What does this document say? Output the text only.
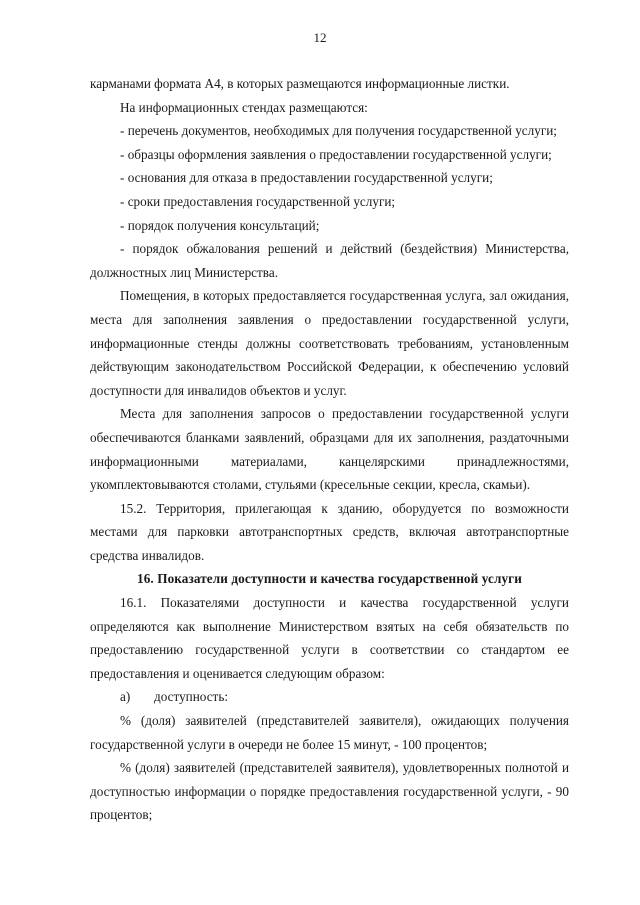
12

карманами формата А4, в которых размещаются информационные листки.

На информационных стендах размещаются:

- перечень документов, необходимых для получения государственной услуги;

- образцы оформления заявления о предоставлении государственной услуги;

- основания для отказа в предоставлении государственной услуги;

- сроки предоставления государственной услуги;

- порядок получения консультаций;

- порядок обжалования решений и действий (бездействия) Министерства, должностных лиц Министерства.

Помещения, в которых предоставляется государственная услуга, зал ожидания, места для заполнения заявления о предоставлении государственной услуги, информационные стенды должны соответствовать требованиям, установленным действующим законодательством Российской Федерации, к обеспечению условий доступности для инвалидов объектов и услуг.

Места для заполнения запросов о предоставлении государственной услуги обеспечиваются бланками заявлений, образцами для их заполнения, раздаточными информационными материалами, канцелярскими принадлежностями, укомплектовываются столами, стульями (кресельные секции, кресла, скамьи).

15.2. Территория, прилегающая к зданию, оборудуется по возможности местами для парковки автотранспортных средств, включая автотранспортные средства инвалидов.

16. Показатели доступности и качества государственной услуги

16.1. Показателями доступности и качества государственной услуги определяются как выполнение Министерством взятых на себя обязательств по предоставлению государственной услуги в соответствии со стандартом ее предоставления и оценивается следующим образом:

а) доступность:

% (доля) заявителей (представителей заявителя), ожидающих получения государственной услуги в очереди не более 15 минут, - 100 процентов;

% (доля) заявителей (представителей заявителя), удовлетворенных полнотой и доступностью информации о порядке предоставления государственной услуги, - 90 процентов;
